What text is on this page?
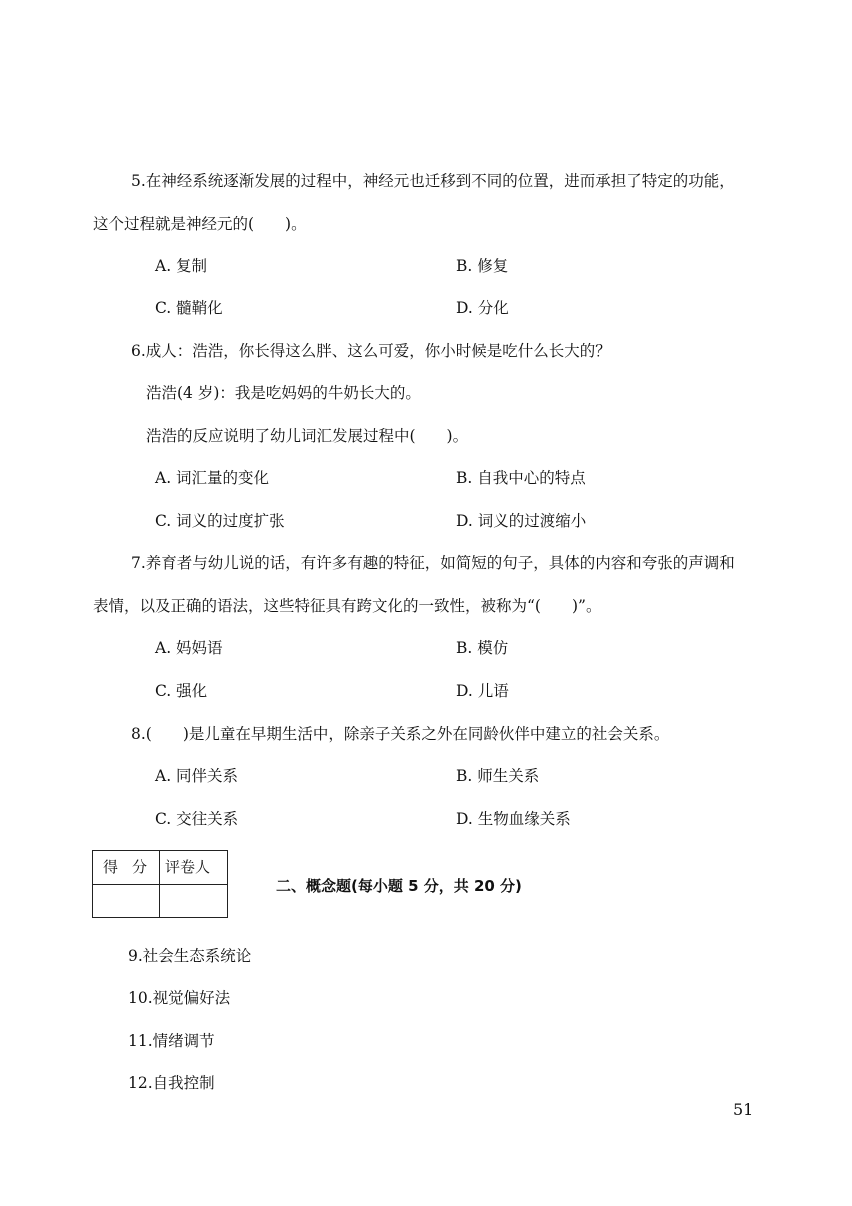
5.在神经系统逐渐发展的过程中，神经元也迁移到不同的位置，进而承担了特定的功能，
这个过程就是神经元的(　　)。
A. 复制	B. 修复
C. 髓鞘化	D. 分化
6.成人：浩浩，你长得这么胖、这么可爱，你小时候是吃什么长大的？
浩浩(4 岁)：我是吃妈妈的牛奶长大的。
浩浩的反应说明了幼儿词汇发展过程中(　　)。
A. 词汇量的变化	B. 自我中心的特点
C. 词义的过度扩张	D. 词义的过渡缩小
7.养育者与幼儿说的话，有许多有趣的特征，如简短的句子，具体的内容和夸张的声调和
表情，以及正确的语法，这些特征具有跨文化的一致性，被称为“(　　)”。
A. 妈妈语	B. 模仿
C. 强化	D. 儿语
8.(　　)是儿童在早期生活中，除亲子关系之外在同龄伙伴中建立的社会关系。
A. 同伴关系	B. 师生关系
C. 交往关系	D. 生物血缘关系
得分 评卷人
二、概念题(每小题 5 分，共 20 分)
9.社会生态系统论
10.视觉偏好法
11.情绪调节
12.自我控制
51
